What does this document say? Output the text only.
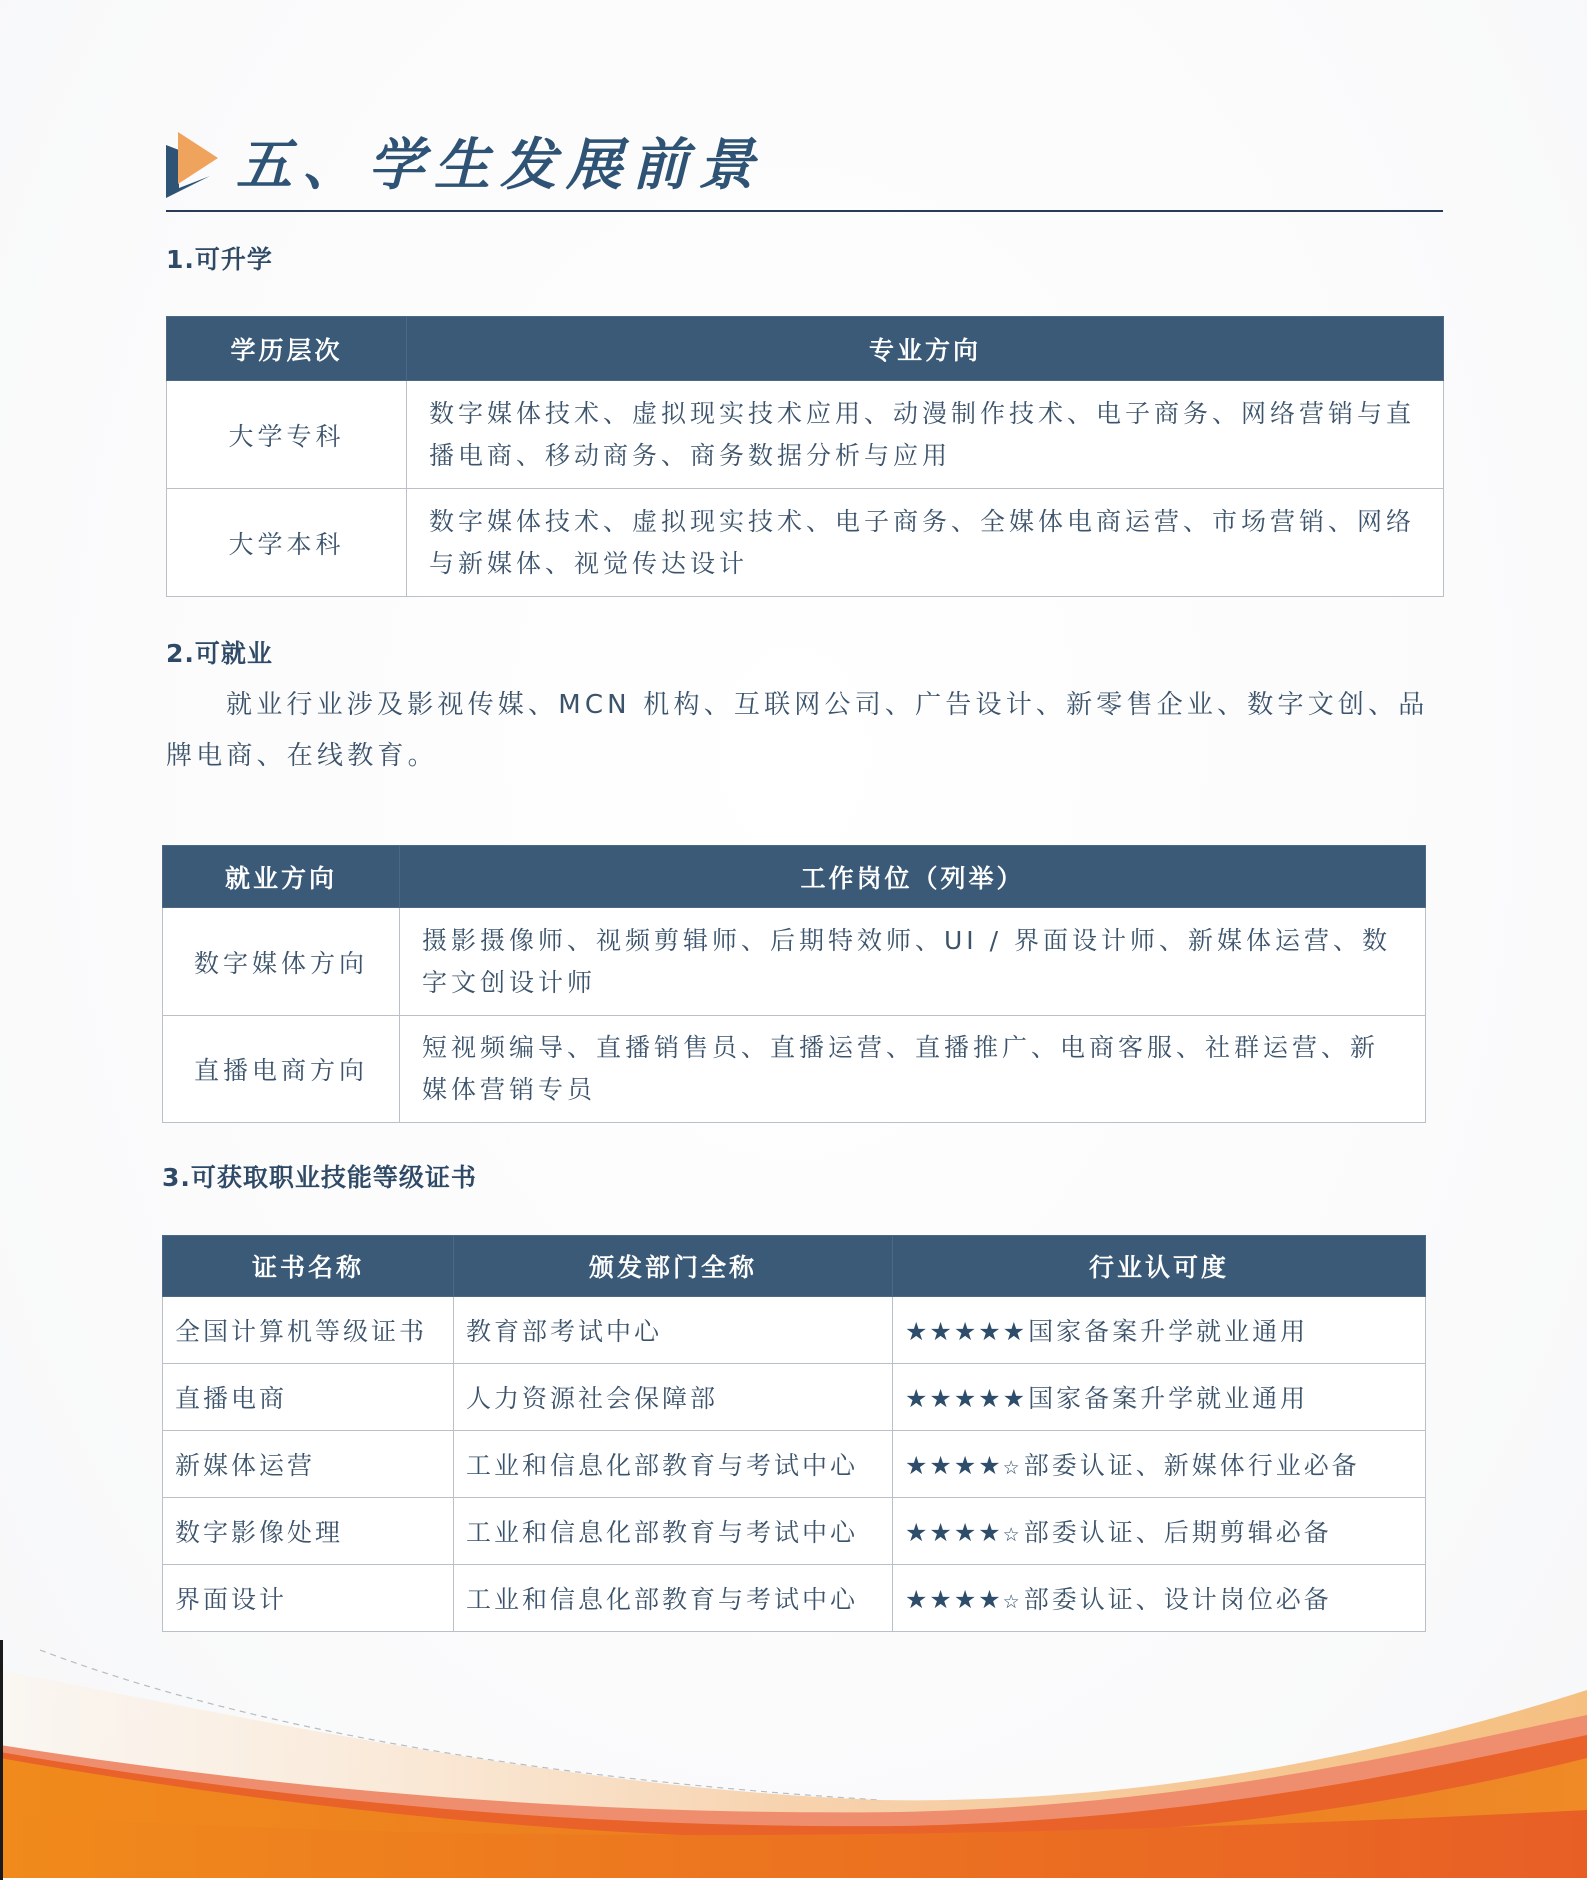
五、学生发展前景
1.可升学
学历层次	专业方向
大学专科	数字媒体技术、虚拟现实技术应用、动漫制作技术、电子商务、网络营销与直播电商、移动商务、商务数据分析与应用
大学本科	数字媒体技术、虚拟现实技术、电子商务、全媒体电商运营、市场营销、网络与新媒体、视觉传达设计
2.可就业
就业行业涉及影视传媒、MCN 机构、互联网公司、广告设计、新零售企业、数字文创、品牌电商、在线教育。
就业方向	工作岗位（列举）
数字媒体方向	摄影摄像师、视频剪辑师、后期特效师、UI / 界面设计师、新媒体运营、数字文创设计师
直播电商方向	短视频编导、直播销售员、直播运营、直播推广、电商客服、社群运营、新媒体营销专员
3.可获取职业技能等级证书
证书名称	颁发部门全称	行业认可度
全国计算机等级证书	教育部考试中心	★★★★★国家备案升学就业通用
直播电商	人力资源社会保障部	★★★★★国家备案升学就业通用
新媒体运营	工业和信息化部教育与考试中心	★★★★☆部委认证、新媒体行业必备
数字影像处理	工业和信息化部教育与考试中心	★★★★☆部委认证、后期剪辑必备
界面设计	工业和信息化部教育与考试中心	★★★★☆部委认证、设计岗位必备
